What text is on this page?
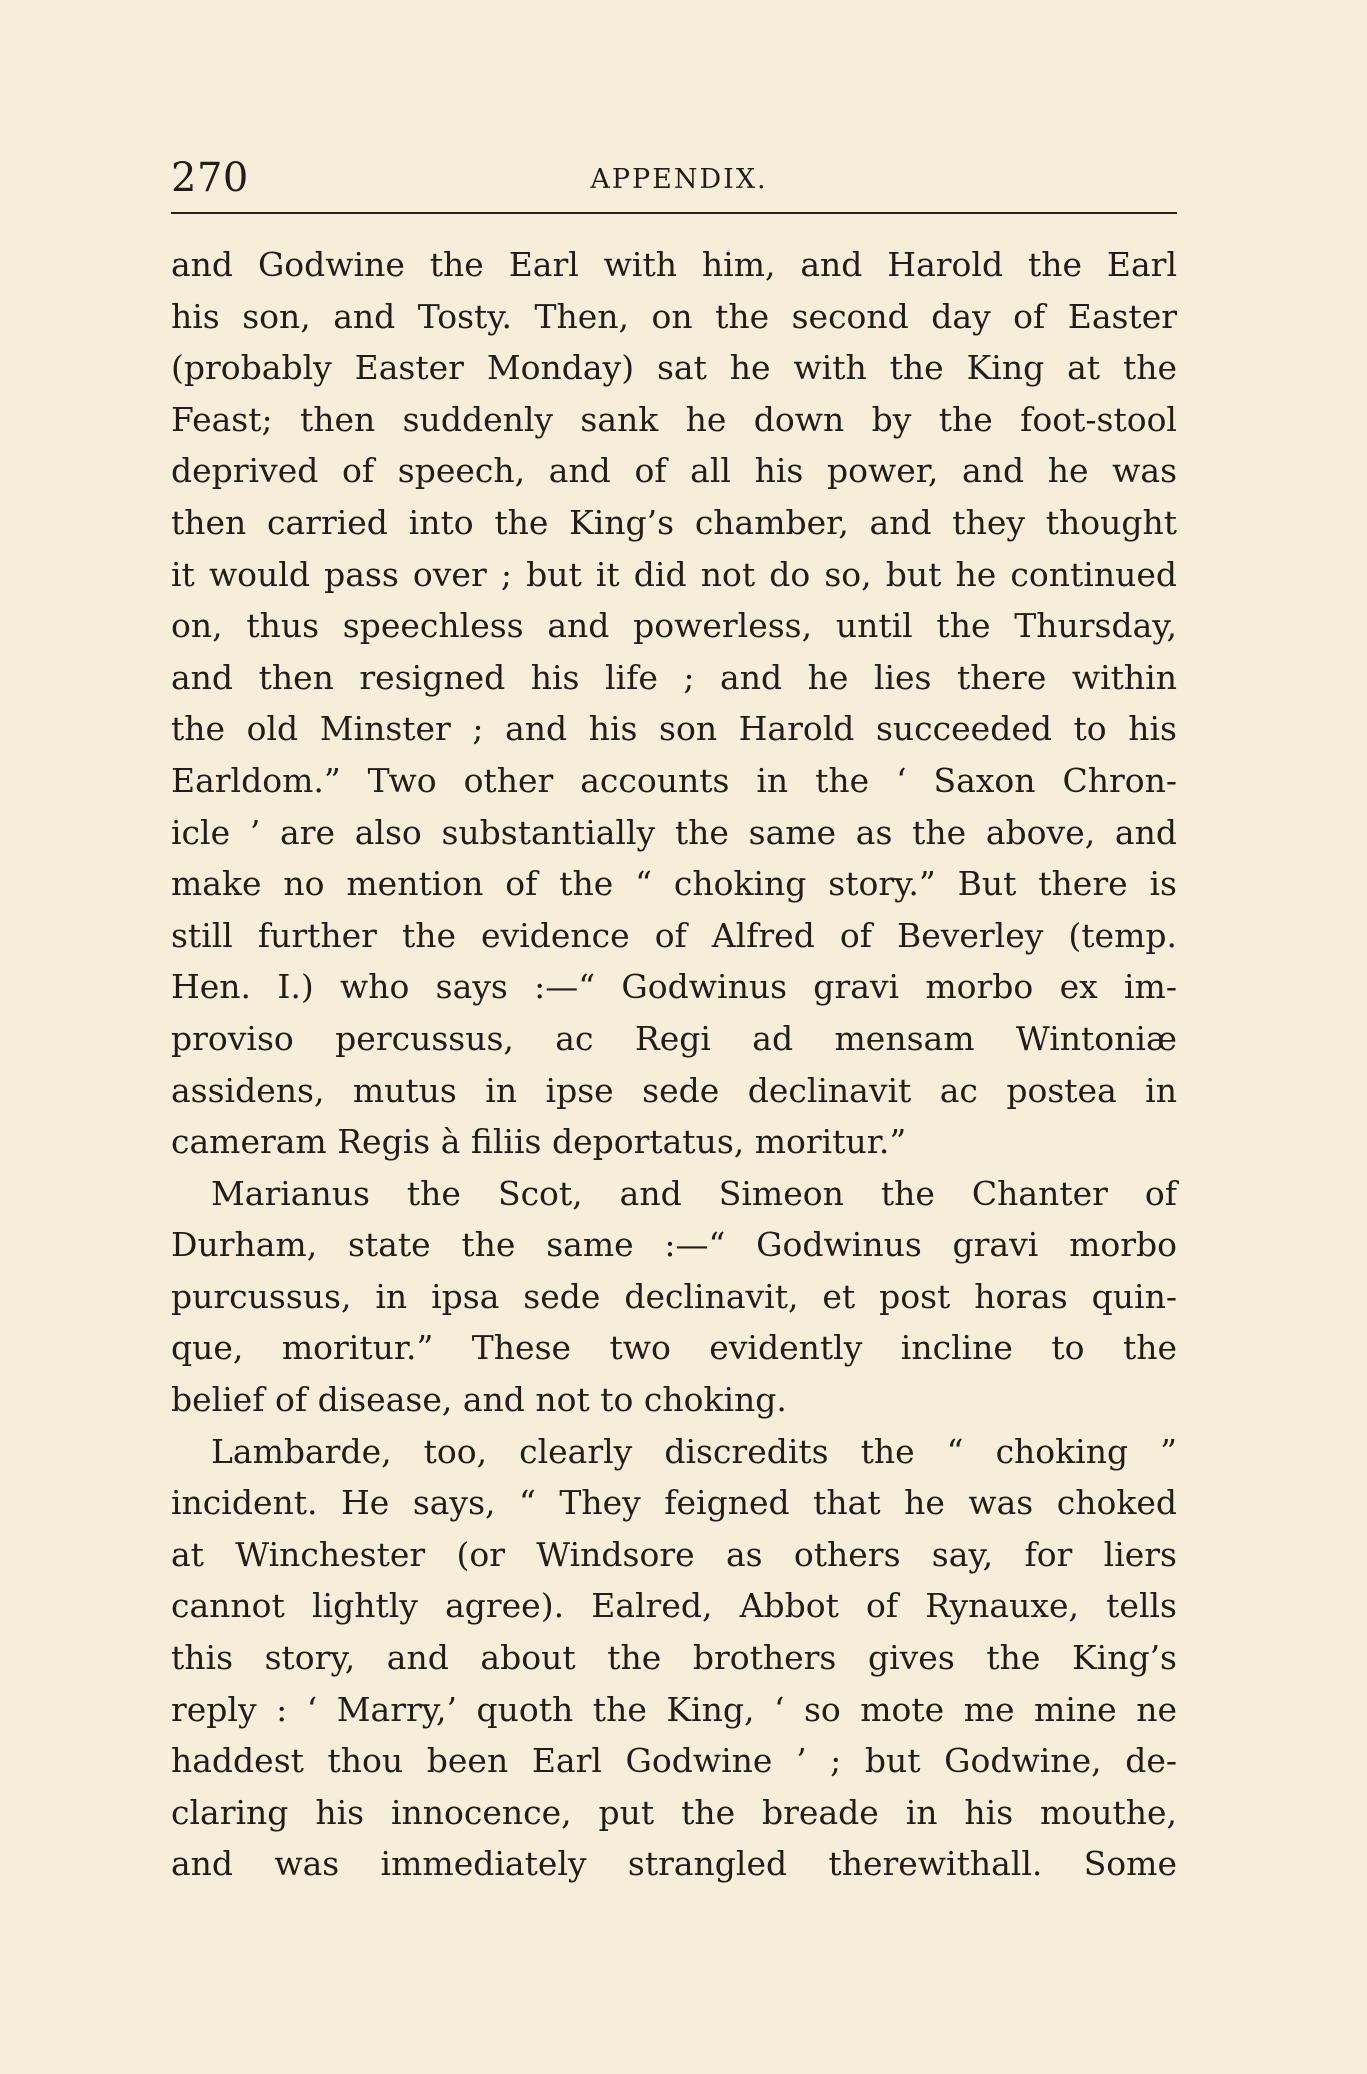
270	APPENDIX.
and Godwine the Earl with him, and Harold the Earl
his son, and Tosty. Then, on the second day of Easter
(probably Easter Monday) sat he with the King at the
Feast; then suddenly sank he down by the foot-stool
deprived of speech, and of all his power, and he was
then carried into the King’s chamber, and they thought
it would pass over ; but it did not do so, but he continued
on, thus speechless and powerless, until the Thursday,
and then resigned his life ; and he lies there within
the old Minster ; and his son Harold succeeded to his
Earldom.” Two other accounts in the ‘ Saxon Chron-
icle ’ are also substantially the same as the above, and
make no mention of the “ choking story.” But there is
still further the evidence of Alfred of Beverley (temp.
Hen. I.) who says :—“ Godwinus gravi morbo ex im-
proviso percussus, ac Regi ad mensam Wintoniæ
assidens, mutus in ipse sede declinavit ac postea in
cameram Regis à filiis deportatus, moritur.”
Marianus the Scot, and Simeon the Chanter of
Durham, state the same :—“ Godwinus gravi morbo
purcussus, in ipsa sede declinavit, et post horas quin-
que, moritur.” These two evidently incline to the
belief of disease, and not to choking.
Lambarde, too, clearly discredits the “ choking ”
incident. He says, “ They feigned that he was choked
at Winchester (or Windsore as others say, for liers
cannot lightly agree). Ealred, Abbot of Rynauxe, tells
this story, and about the brothers gives the King’s
reply : ‘ Marry,’ quoth the King, ‘ so mote me mine ne
haddest thou been Earl Godwine ’ ; but Godwine, de-
claring his innocence, put the breade in his mouthe,
and was immediately strangled therewithall. Some
